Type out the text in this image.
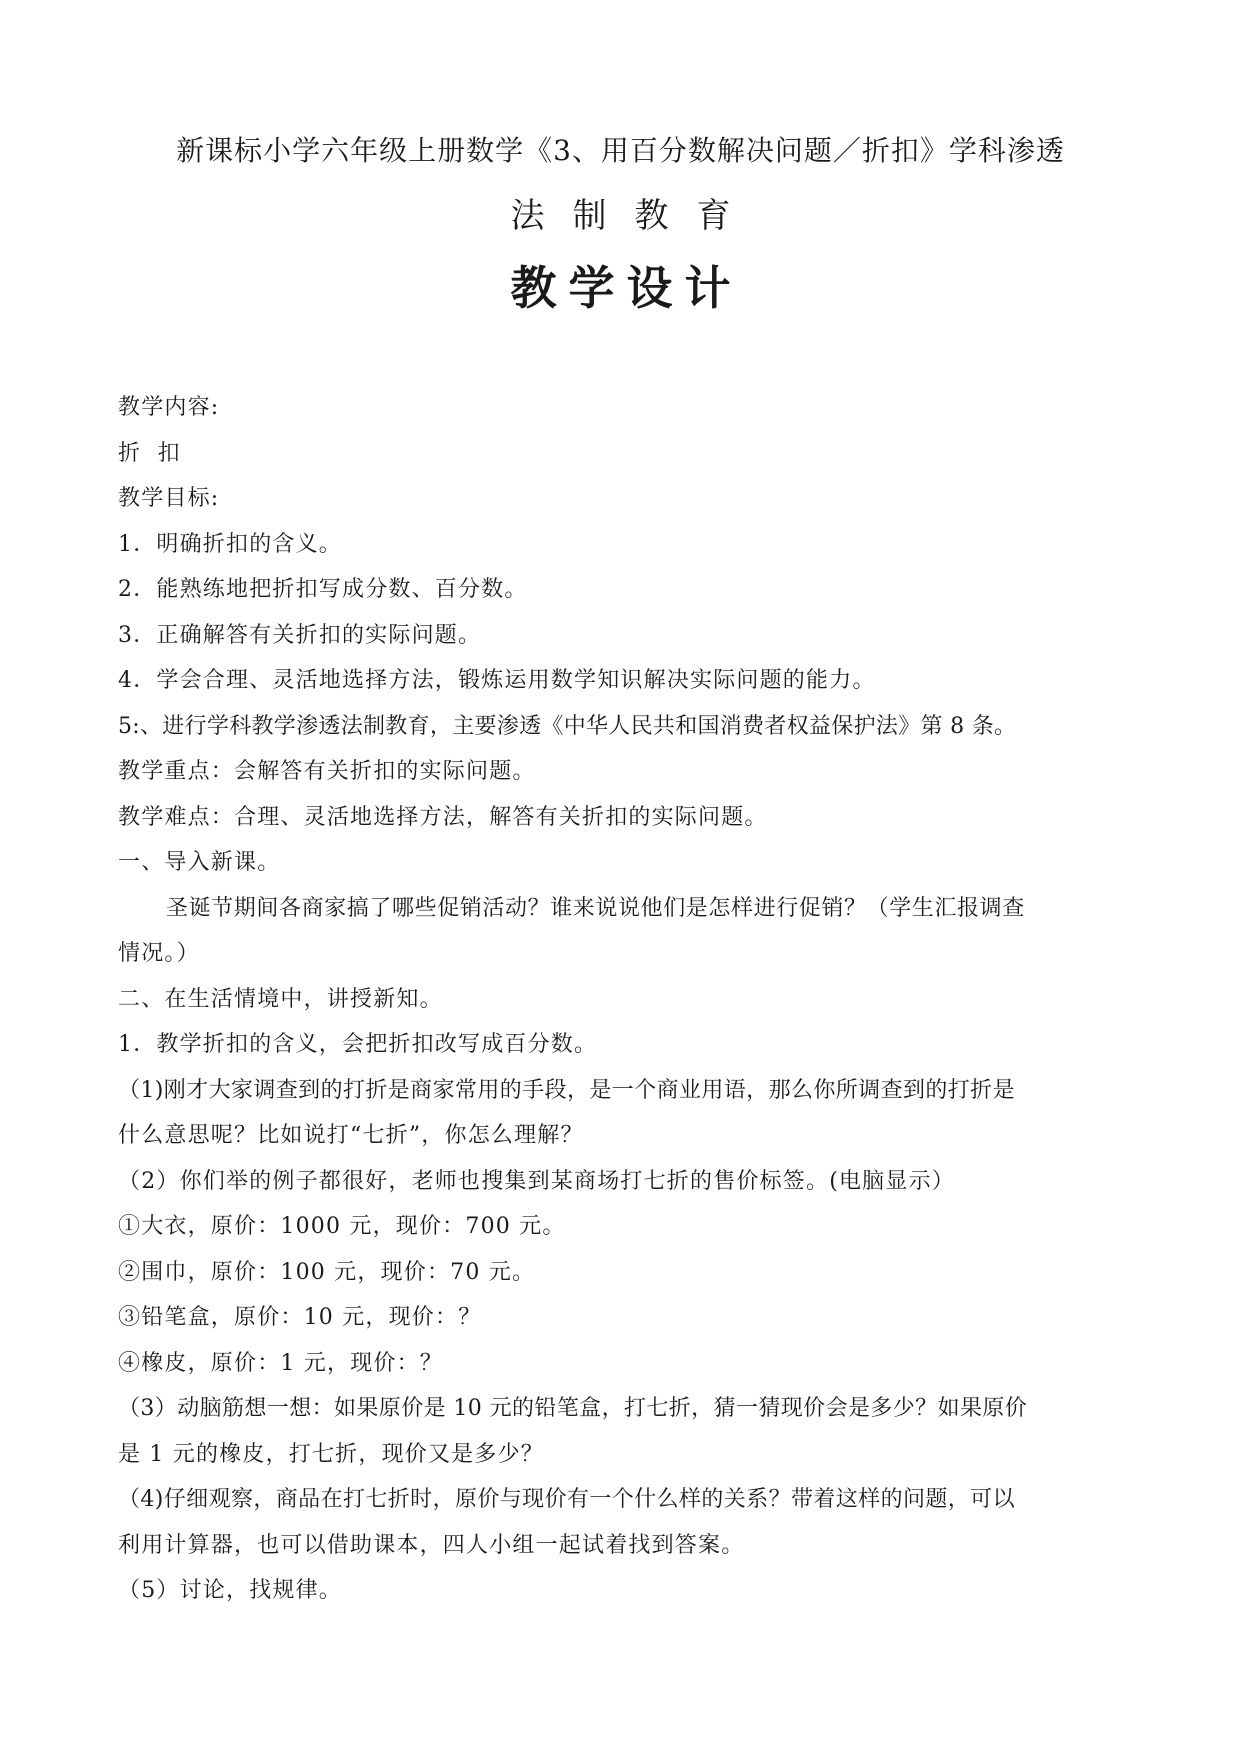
新课标小学六年级上册数学《3、用百分数解决问题／折扣》学科渗透
法 制 教 育
教 学 设 计
教学内容:
折  扣
教学目标:
1．明确折扣的含义。
2．能熟练地把折扣写成分数、百分数。
3．正确解答有关折扣的实际问题。
4．学会合理、灵活地选择方法，锻炼运用数学知识解决实际问题的能力。
5:、进行学科教学渗透法制教育，主要渗透《中华人民共和国消费者权益保护法》第 8 条。
教学重点：会解答有关折扣的实际问题。
教学难点：合理、灵活地选择方法，解答有关折扣的实际问题。
一、导入新课。
圣诞节期间各商家搞了哪些促销活动？谁来说说他们是怎样进行促销？（学生汇报调查
情况。）
二、在生活情境中，讲授新知。
1．教学折扣的含义，会把折扣改写成百分数。
（1)刚才大家调查到的打折是商家常用的手段，是一个商业用语，那么你所调查到的打折是
什么意思呢？比如说打“七折”，你怎么理解？
（2）你们举的例子都很好，老师也搜集到某商场打七折的售价标签。(电脑显示）
①大衣，原价：1000 元，现价：700 元。
②围巾，原价：100 元，现价：70 元。
③铅笔盒，原价：10 元，现价：？
④橡皮，原价：1 元，现价：？
（3）动脑筋想一想：如果原价是 10 元的铅笔盒，打七折，猜一猜现价会是多少？如果原价
是 1 元的橡皮，打七折，现价又是多少？
（4)仔细观察，商品在打七折时，原价与现价有一个什么样的关系？带着这样的问题，可以
利用计算器，也可以借助课本，四人小组一起试着找到答案。
（5）讨论，找规律。
